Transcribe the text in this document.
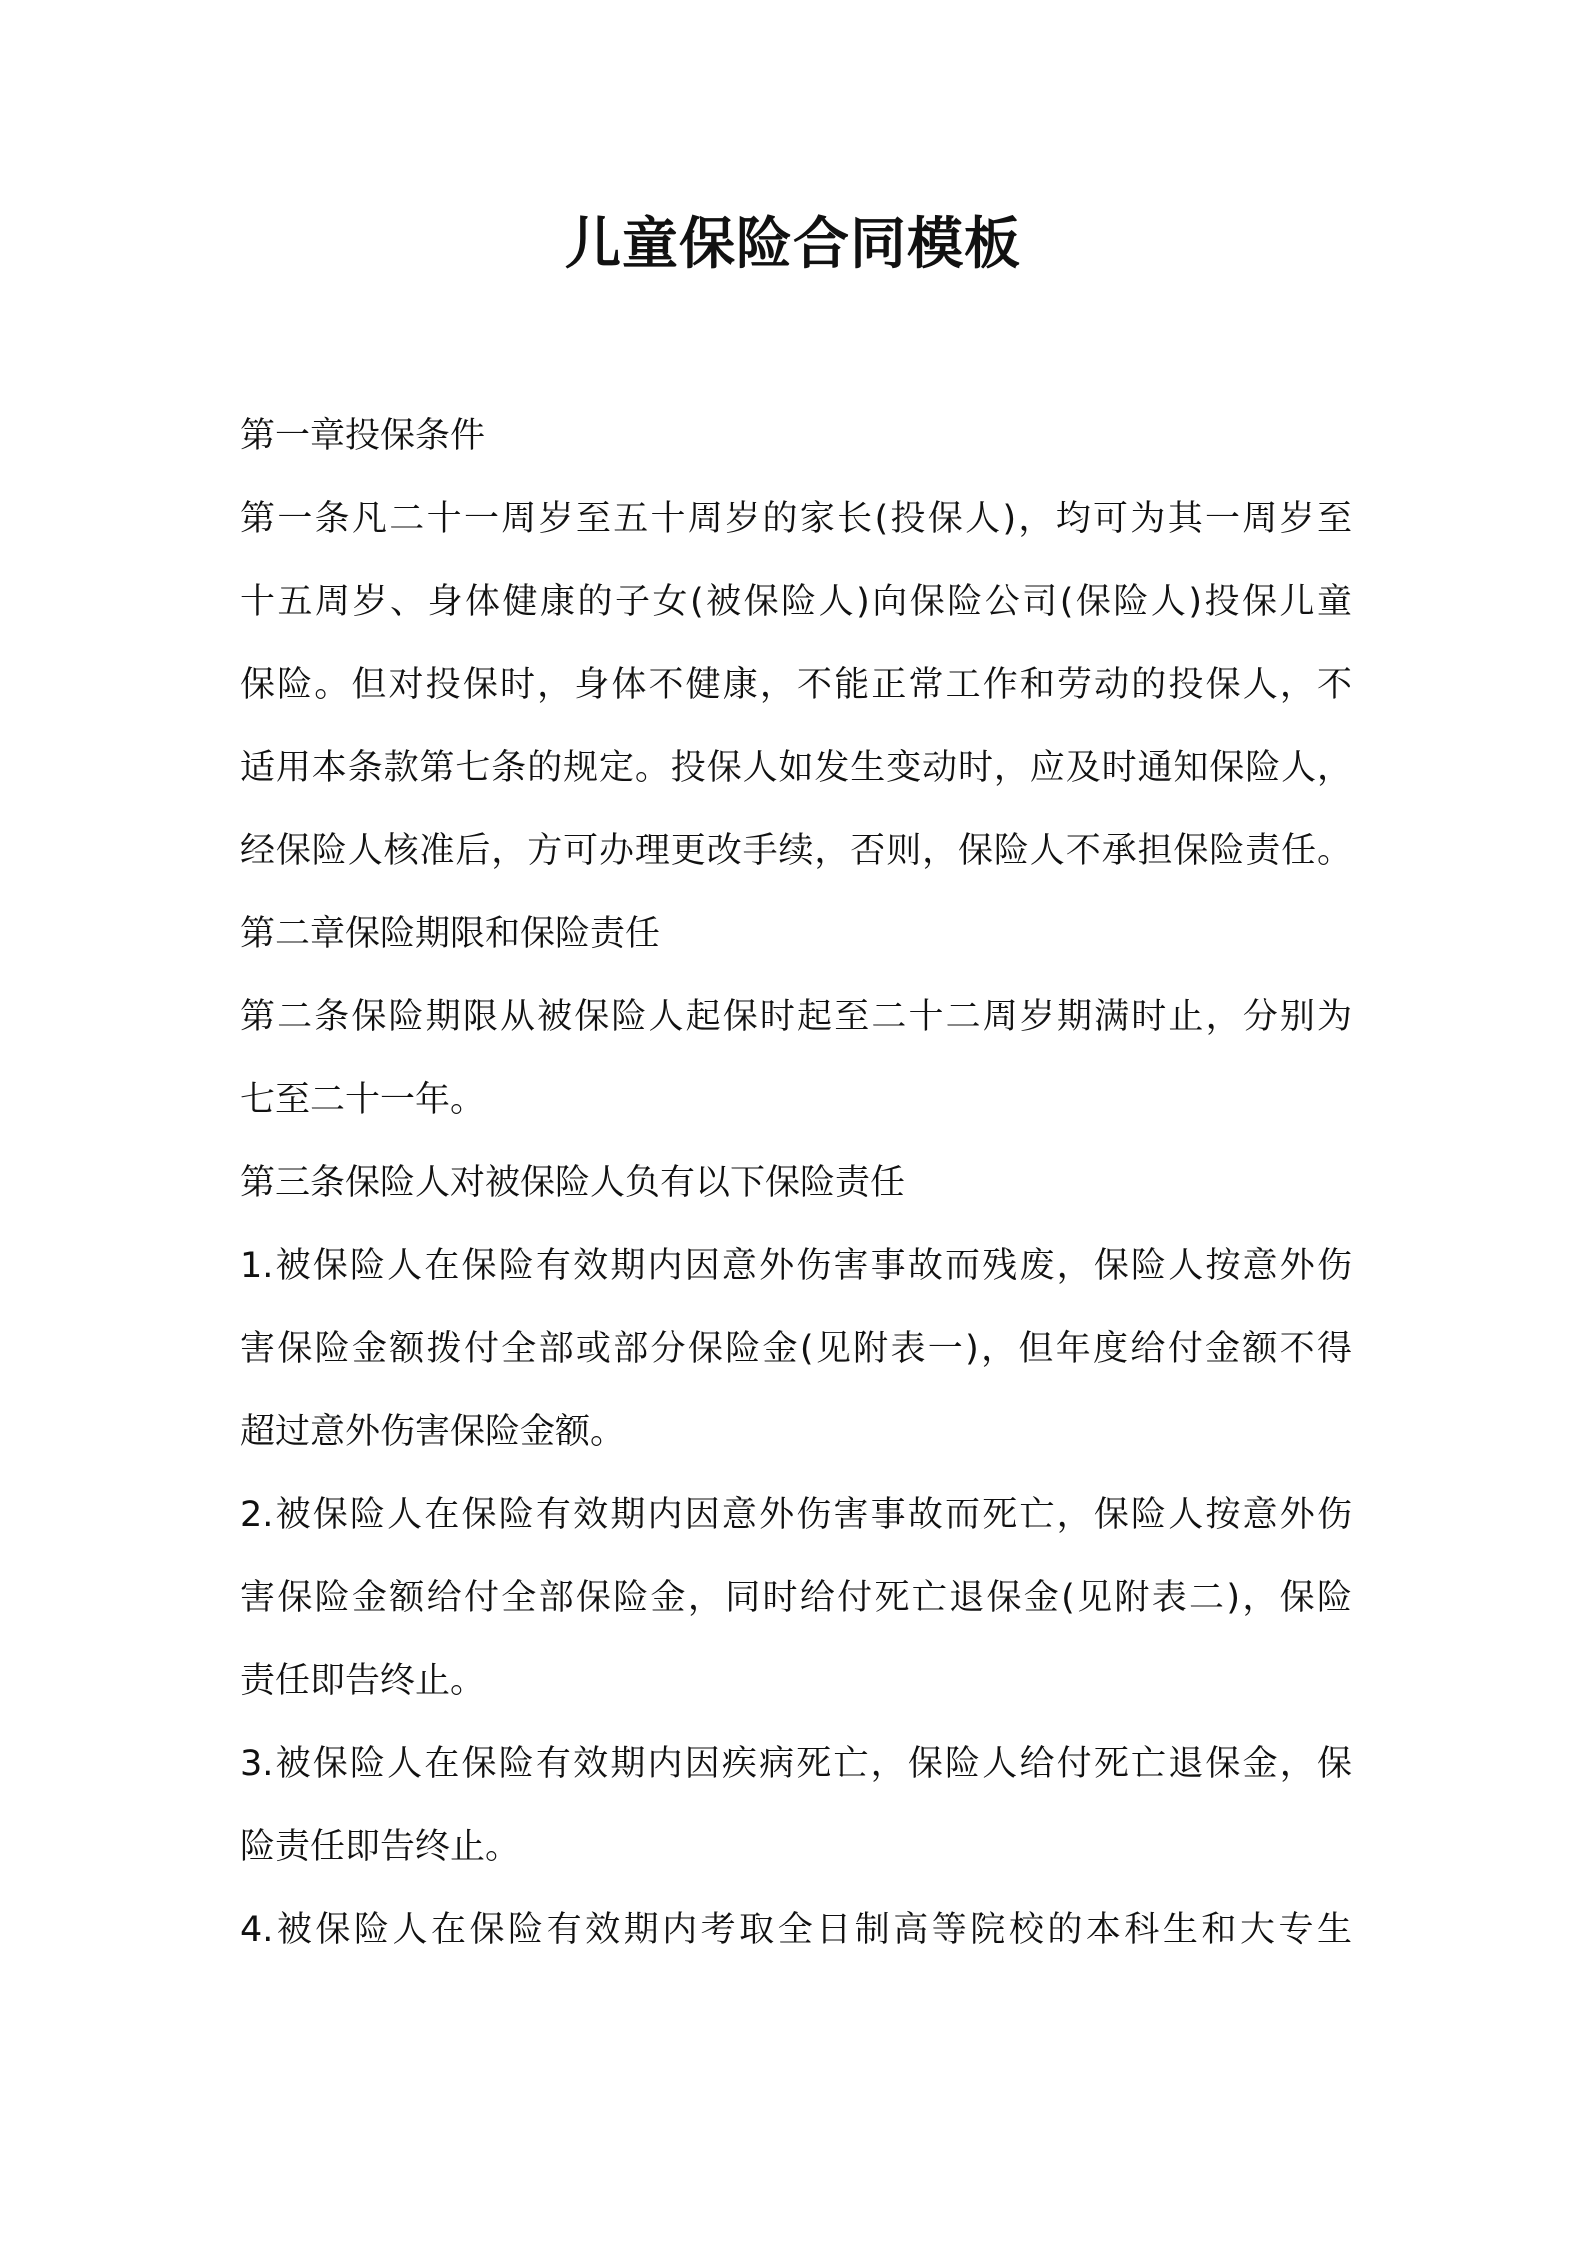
儿童保险合同模板
第一章投保条件
第一条凡二十一周岁至五十周岁的家长(投保人)，均可为其一周岁至
十五周岁、身体健康的子女(被保险人)向保险公司(保险人)投保儿童
保险。但对投保时，身体不健康，不能正常工作和劳动的投保人，不
适用本条款第七条的规定。投保人如发生变动时，应及时通知保险人，
经保险人核准后，方可办理更改手续，否则，保险人不承担保险责任。
第二章保险期限和保险责任
第二条保险期限从被保险人起保时起至二十二周岁期满时止，分别为
七至二十一年。
第三条保险人对被保险人负有以下保险责任
1.被保险人在保险有效期内因意外伤害事故而残废，保险人按意外伤
害保险金额拨付全部或部分保险金(见附表一)，但年度给付金额不得
超过意外伤害保险金额。
2.被保险人在保险有效期内因意外伤害事故而死亡，保险人按意外伤
害保险金额给付全部保险金，同时给付死亡退保金(见附表二)，保险
责任即告终止。
3.被保险人在保险有效期内因疾病死亡，保险人给付死亡退保金，保
险责任即告终止。
4.被保险人在保险有效期内考取全日制高等院校的本科生和大专生
